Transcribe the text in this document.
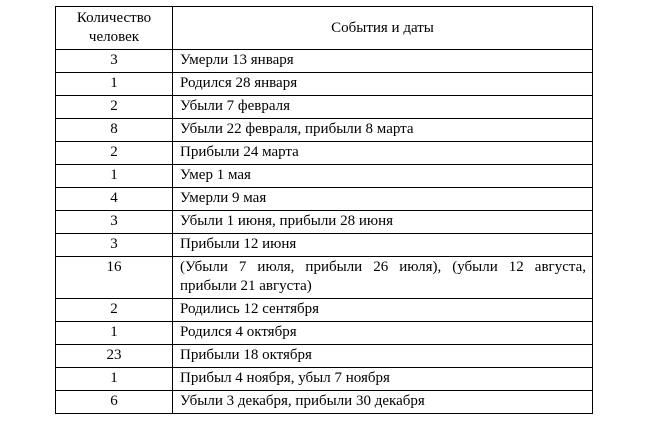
Количество человек	События и даты
3	Умерли 13 января
1	Родился 28 января
2	Убыли 7 февраля
8	Убыли 22 февраля, прибыли 8 марта
2	Прибыли 24 марта
1	Умер 1 мая
4	Умерли 9 мая
3	Убыли 1 июня, прибыли 28 июня
3	Прибыли 12 июня
16	(Убыли 7 июля, прибыли 26 июля), (убыли 12 августа, прибыли 21 августа)
2	Родились 12 сентября
1	Родился 4 октября
23	Прибыли 18 октября
1	Прибыл 4 ноября, убыл 7 ноября
6	Убыли 3 декабря, прибыли 30 декабря
